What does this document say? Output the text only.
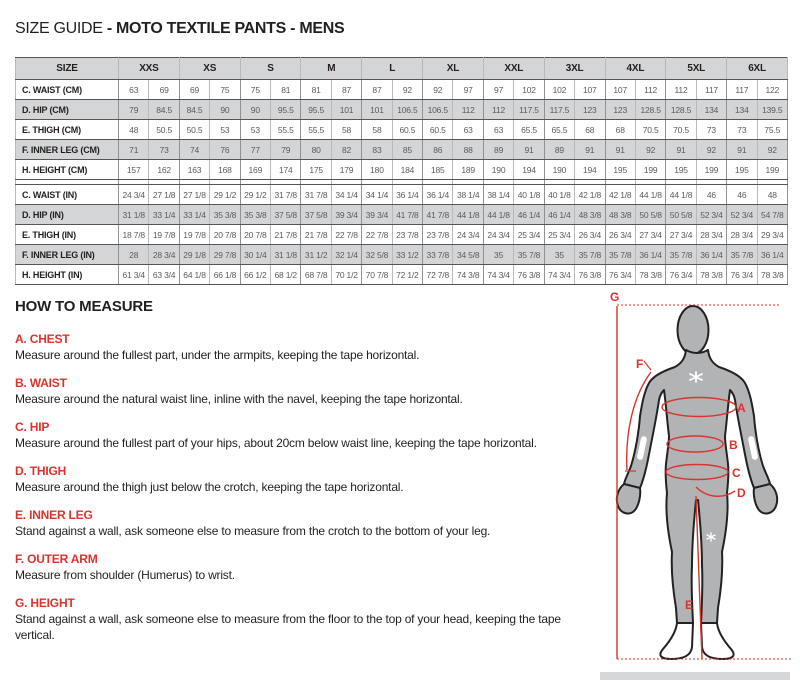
SIZE GUIDE - MOTO TEXTILE PANTS - MENS
SIZE	XXS		XS		S		M		L		XL		XXL		3XL		4XL		5XL		6XL	
C. WAIST (CM)	63	69	69	75	75	81	81	87	87	92	92	97	97	102	102	107	107	112	112	117	117	122
D. HIP (CM)	79	84.5	84.5	90	90	95.5	95.5	101	101	106.5	106.5	112	112	117.5	117.5	123	123	128.5	128.5	134	134	139.5
E. THIGH (CM)	48	50.5	50.5	53	53	55.5	55.5	58	58	60.5	60.5	63	63	65.5	65.5	68	68	70.5	70.5	73	73	75.5
F. INNER LEG (CM)	71	73	74	76	77	79	80	82	83	85	86	88	89	91	89	91	91	92	91	92	91	92
H. HEIGHT (CM)	157	162	163	168	169	174	175	179	180	184	185	189	190	194	190	194	195	199	195	199	195	199

C. WAIST (IN)	24 3/4	27 1/8	27 1/8	29 1/2	29 1/2	31 7/8	31 7/8	34 1/4	34 1/4	36 1/4	36 1/4	38 1/4	38 1/4	40 1/8	40 1/8	42 1/8	42 1/8	44 1/8	44 1/8	46	46	48
D. HIP (IN)	31 1/8	33 1/4	33 1/4	35 3/8	35 3/8	37 5/8	37 5/8	39 3/4	39 3/4	41 7/8	41 7/8	44 1/8	44 1/8	46 1/4	46 1/4	48 3/8	48 3/8	50 5/8	50 5/8	52 3/4	52 3/4	54 7/8
E. THIGH (IN)	18 7/8	19 7/8	19 7/8	20 7/8	20 7/8	21 7/8	21 7/8	22 7/8	22 7/8	23 7/8	23 7/8	24 3/4	24 3/4	25 3/4	25 3/4	26 3/4	26 3/4	27 3/4	27 3/4	28 3/4	28 3/4	29 3/4
F. INNER LEG (IN)	28	28 3/4	29 1/8	29 7/8	30 1/4	31 1/8	31 1/2	32 1/4	32 5/8	33 1/2	33 7/8	34 5/8	35	35 7/8	35	35 7/8	35 7/8	36 1/4	35 7/8	36 1/4	35 7/8	36 1/4
H. HEIGHT (IN)	61 3/4	63 3/4	64 1/8	66 1/8	66 1/2	68 1/2	68 7/8	70 1/2	70 7/8	72 1/2	72 7/8	74 3/8	74 3/4	76 3/8	74 3/4	76 3/8	76 3/4	78 3/8	76 3/4	78 3/8	76 3/4	78 3/8
HOW TO MEASURE
A. CHEST
Measure around the fullest part, under the armpits, keeping the tape horizontal.
B. WAIST
Measure around the natural waist line, inline with the navel, keeping the tape horizontal.
C. HIP
Measure around the fullest part of your hips, about 20cm below waist line, keeping the tape horizontal.
D. THIGH
Measure around the thigh just below the crotch, keeping the tape horizontal.
E. INNER LEG
Stand against a wall, ask someone else to measure from the crotch to the bottom of your leg.
F. OUTER ARM
Measure from shoulder (Humerus) to wrist.
G. HEIGHT
Stand against a wall, ask someone else to measure from the floor to the top of your head, keeping the tape vertical.
G
F
A
B
C
D
E
